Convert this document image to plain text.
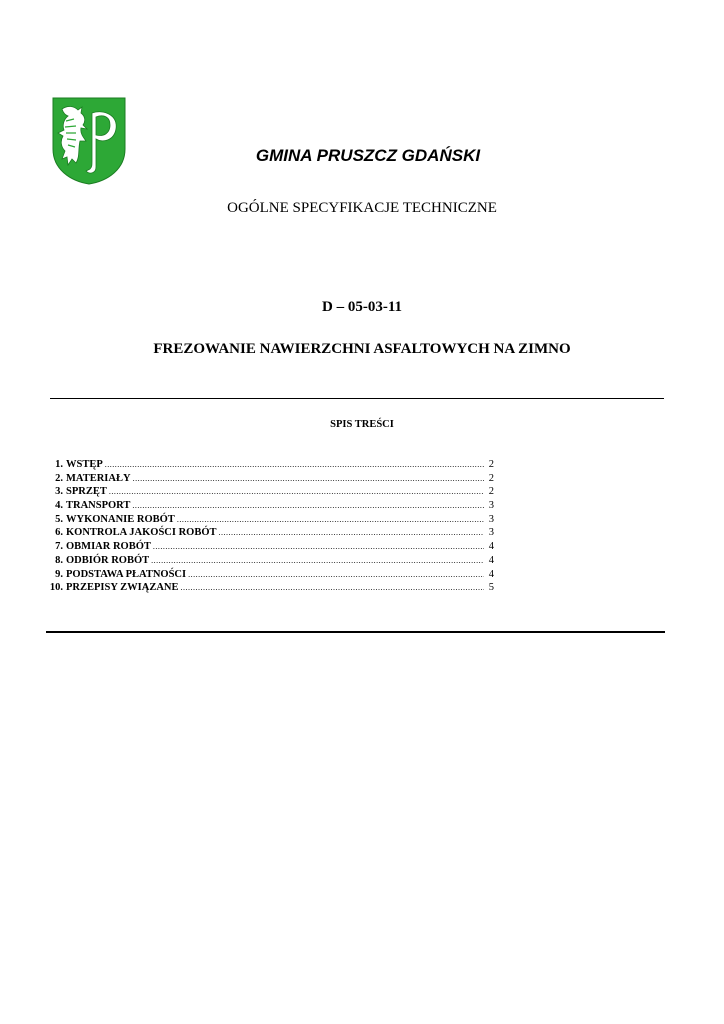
GMINA PRUSZCZ GDAŃSKI
OGÓLNE SPECYFIKACJE TECHNICZNE
D – 05-03-11
FREZOWANIE NAWIERZCHNI ASFALTOWYCH NA ZIMNO
SPIS TREŚCI
1. WSTĘP .....	2
2. MATERIAŁY .....	2
3. SPRZĘT .....	2
4. TRANSPORT .....	3
5. WYKONANIE ROBÓT .....	3
6. KONTROLA JAKOŚCI ROBÓT .....	3
7. OBMIAR ROBÓT .....	4
8. ODBIÓR ROBÓT .....	4
9. PODSTAWA PŁATNOŚCI .....	4
10. PRZEPISY ZWIĄZANE .....	5
